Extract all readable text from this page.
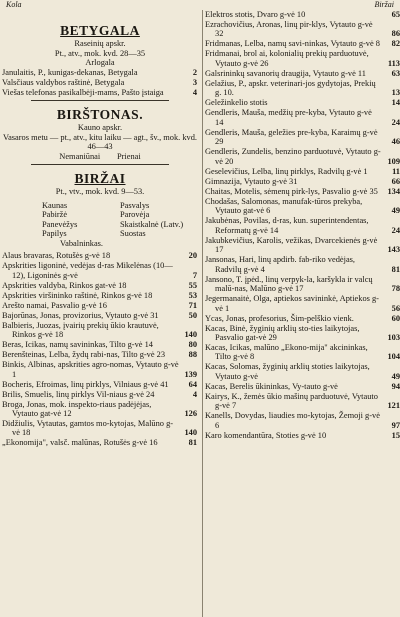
Kola	Biržai
BETYGALA
Raseinių apskr.
Pt., atv., mok. kvd. 28—35
Arlogala
Janulaitis, P., kunigas-dekanas, Betygala	2
Valsčiaus valdybos raštinė, Betygala	3
Viešas telefonas pasikalbėji-mams, Pašto įstaiga	4
BIRŠTONAS.
Kauno apskr.
Vasaros metu — pt., atv., kitu laiku — agt., šv., mok. kvd. 46—43
Nemaniūnai        Prienai
BIRŽAI
Pt., vtv., mok. kvd. 9—53.
Kaunas	Pasvalys
Pabiržė	Parovėja
Panevėžys	Skaistkalnė (Latv.)
Papilys	Suostas
Vabalninkas.
Alaus bravaras, Rotušės g-vė 18	20
Apskrities ligoninė, vedėjas d-ras Mikelėnas (10—12), Ligoninės g-vė	7
Apskrities valdyba, Rinkos gat-vė 18	55
Apskrities viršininko raštinė, Rinkos g-vė 18	53
Arešto namai, Pasvalio g-vė 16	71
Bajorūnas, Jonas, provizorius, Vytauto g-vė 31	50
Balbieris, Juozas, įvairių prekių ūkio krautuvė, Rinkos g-vė 18	140
Beras, Icikas, namų savininkas, Tilto g-vė 14	80
Berenšteinas, Lelba, žydų rabi-nas, Tilto g-vė 23	88
Binkis, Albinas, apskrities agro-nomas, Vytauto g-vė 1	139
Bocheris, Efroimas, linų pirklys, Vilniaus g-vė 41	64
Brilis, Smuelis, linų pirklys Vil-niaus g-vė 24	4
Broga, Jonas, mok. inspekto-riaus padėjėjas, Vytauto gat-vė 12	126
Didžiulis, Vytautas, gamtos mo-kytojas, Malūno g-vė 18	140
„Ekonomija", valsč. malūnas, Rotušės g-vė 16	81
Elektros stotis, Dvaro g-vė 10	65
Ezrachovičius, Aronas, linų pir-klys, Vytauto g-vė 32	86
Fridmanas, Lelba, namų savi-ninkas, Vytauto g-vė 8	82
Fridmanai, brol ai, kolonialių prekių parduotuvė, Vytauto g-vė 26	113
Galsrininkų savanorių draugija, Vytauto g-vė 11	63
Gelažius, P., apskr. veterinari-jos gydytojas, Prekių g. 10.	13
Geležinkelio stotis	14
Gendleris, Mauša, medžių pre-kyba, Vytauto g-vė 14	24
Gendleris, Mauša, geležies pre-kyba, Karaimų g-vė 29	46
Gendleris, Zundelis, benzino parduotuvė, Vytauto g-vė 20	109
Geselevičius, Lelba, linų pirklys, Radvilų g-vė 1	11
Gimnazija, Vytauto g-vė 31	66
Chaitas, Motelis, sėmenų pirk-lys, Pasvalio g-vė 35	134
Chodašas, Salomonas, manufak-tūros prekyba, Vytauto gat-vė 6	49
Jakubėnas, Povilas, d-ras, kun. superintendentas, Reformatų g-vė 14	24
Jakubkevičius, Karolis, vežikas, Dvarcekienės g-vė 17	143
Jansonas, Hari, linų apdirb. fab-riko vedėjas, Radvilų g-vė 4	81
Jansono, T. įpėd., linų verpyk-la, karšykla ir valcų malū-nas, Malūno g-vė 17	78
Jegermanaitė, Olga, aptiekos savininkė, Aptiekos g-vė 1	56
Ycas, Jonas, profesorius, Šim-pelškio vienk.	60
Kacas, Binė, žyginių arklių sto-ties laikytojas, Pasvalio gat-vė 29	103
Kacas, Icikas, malūno „Ekono-mija" akcininkas, Tilto g-vė 8	104
Kacas, Solomas, žyginių arklių stoties laikytojas, Vytauto g-vė	49
Kacas, Berelis ūkininkas, Vy-tauto g-vė	94
Kairys, K., žemės ūkio mašinų parduotuvė, Vytauto g-vė 7	121
Kanells, Dovydas, liaudies mo-kytojas, Žemoji g-vė 6	97
Karo komendantūra, Stoties g-vė 10	15
